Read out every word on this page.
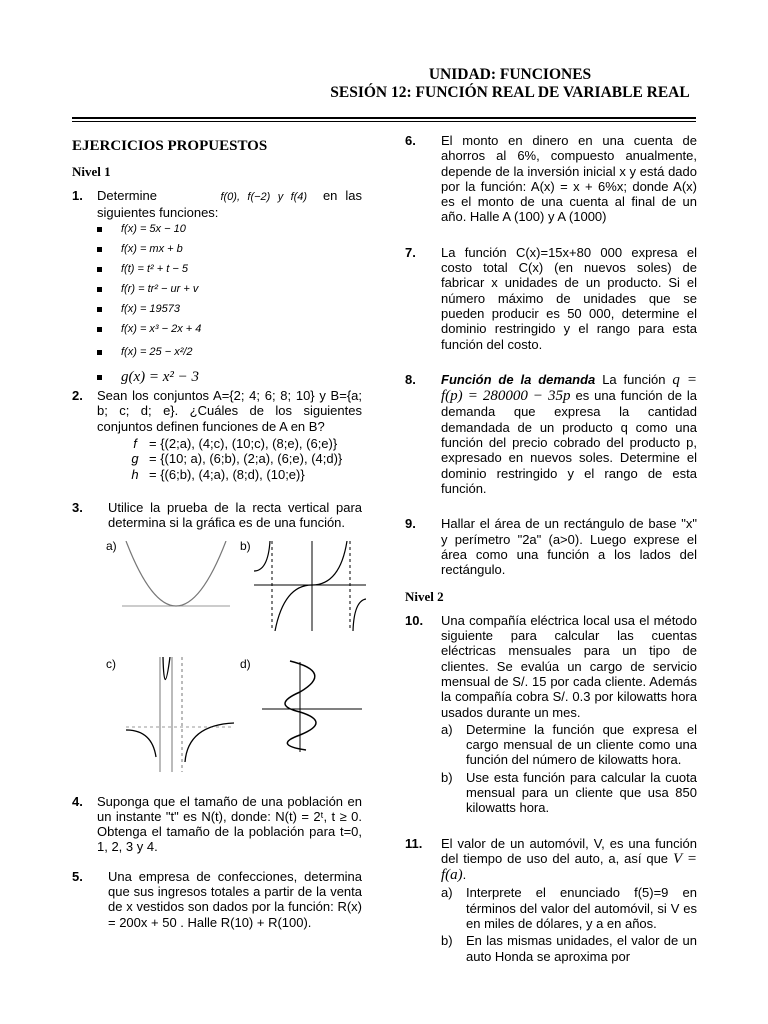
UNIDAD: FUNCIONES
SESIÓN 12: FUNCIÓN REAL DE VARIABLE REAL
EJERCICIOS PROPUESTOS
Nivel 1
1. Determine	f(0), f(−2) y f(4) en las siguientes funciones:
f(x) = 5x − 10
f(x) = mx + b
f(t) = t² + t − 5
f(r) = tr² − ur + v
f(x) = 19573
f(x) = x³ − 2x + 4
f(x) = 25 − x²/2
g(x) = x² − 3
2. Sean los conjuntos A={2; 4; 6; 8; 10} y B={a; b; c; d; e}. ¿Cuáles de los siguientes conjuntos definen funciones de A en B?
f = {(2;a), (4;c), (10;c), (8;e), (6;e)}
g = {(10; a), (6;b), (2;a), (6;e), (4;d)}
h = {(6;b), (4;a), (8;d), (10;e)}
3. Utilice la prueba de la recta vertical para determina si la gráfica es de una función.
a)	b)
c)	d)
4. Suponga que el tamaño de una población en un instante "t" es N(t), donde: N(t) = 2ᵗ, t ≥ 0. Obtenga el tamaño de la población para t=0, 1, 2, 3 y 4.
5. Una empresa de confecciones, determina que sus ingresos totales a partir de la venta de x vestidos son dados por la función: R(x) = 200x + 50 . Halle R(10) + R(100).
6. El monto en dinero en una cuenta de ahorros al 6%, compuesto anualmente, depende de la inversión inicial x y está dado por la función: A(x) = x + 6%x; donde A(x) es el monto de una cuenta al final de un año. Halle A (100) y A (1000)
7. La función C(x)=15x+80 000 expresa el costo total C(x) (en nuevos soles) de fabricar x unidades de un producto. Si el número máximo de unidades que se pueden producir es 50 000, determine el dominio restringido y el rango para esta función del costo.
8. Función de la demanda La función q = f(p) = 280000 − 35p es una función de la demanda que expresa la cantidad demandada de un producto q como una función del precio cobrado del producto p, expresado en nuevos soles. Determine el dominio restringido y el rango de esta función.
9. Hallar el área de un rectángulo de base "x" y perímetro "2a" (a>0). Luego exprese el área como una función a los lados del rectángulo.
Nivel 2
10. Una compañía eléctrica local usa el método siguiente para calcular las cuentas eléctricas mensuales para un tipo de clientes. Se evalúa un cargo de servicio mensual de S/. 15 por cada cliente. Además la compañía cobra S/. 0.3 por kilowatts hora usados durante un mes.
a) Determine la función que expresa el cargo mensual de un cliente como una función del número de kilowatts hora.
b) Use esta función para calcular la cuota mensual para un cliente que usa 850 kilowatts hora.
11. El valor de un automóvil, V, es una función del tiempo de uso del auto, a, así que V = f(a).
a) Interprete el enunciado f(5)=9 en términos del valor del automóvil, si V es en miles de dólares, y a en años.
b) En las mismas unidades, el valor de un auto Honda se aproxima por
